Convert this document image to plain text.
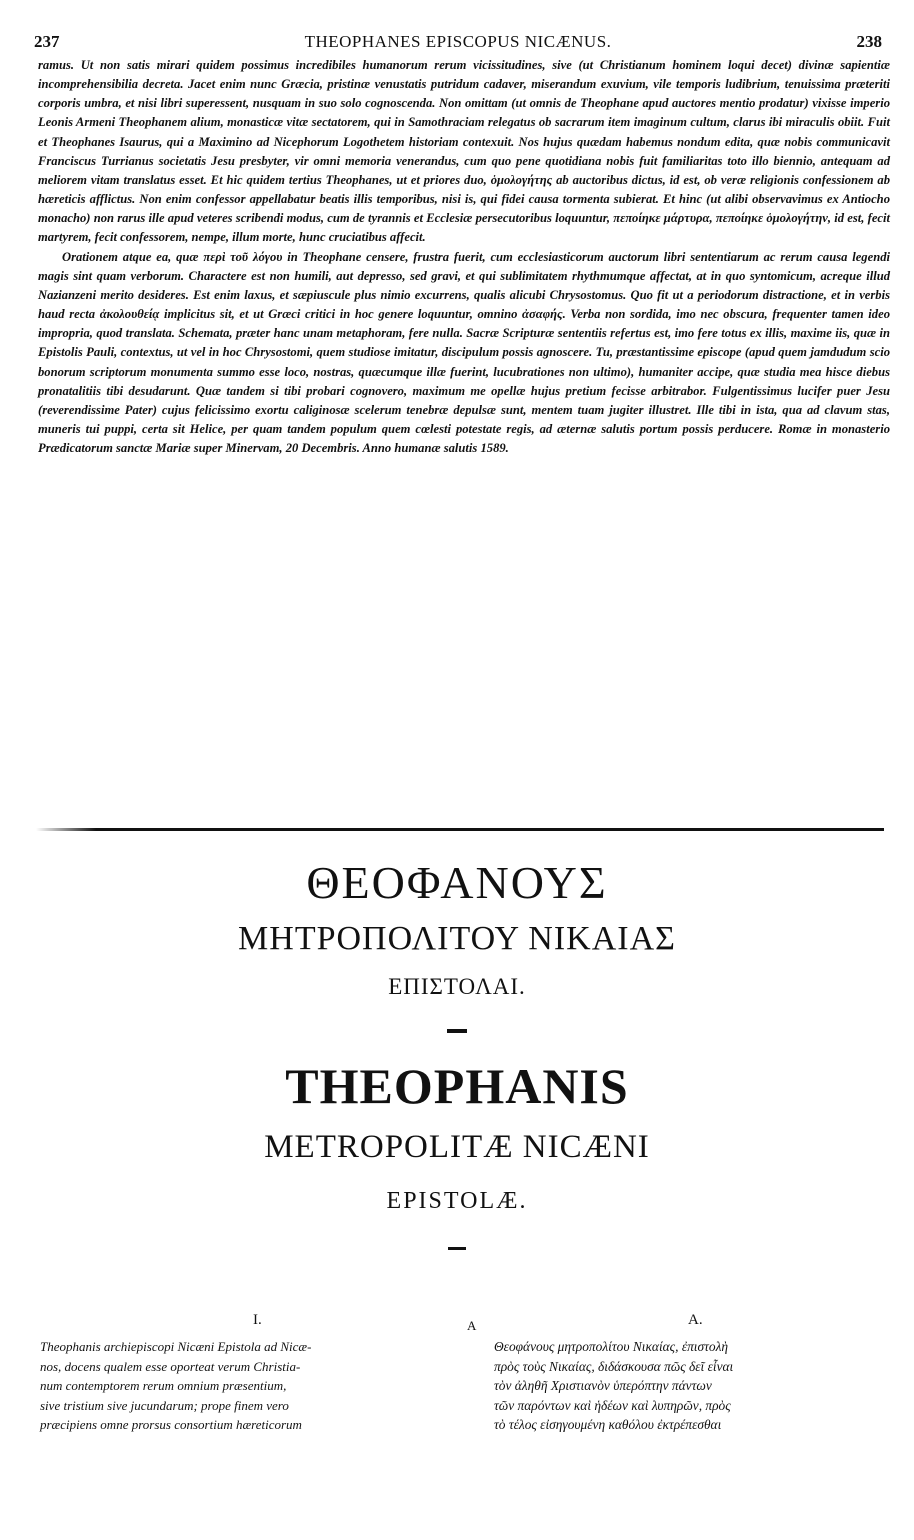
237	THEOPHANES EPISCOPUS NICÆNUS.	238

ramus. Ut non satis mirari quidem possimus incredibiles humanorum rerum vicissitudines, sive (ut Christianum hominem loqui decet) divinæ sapientiæ incomprehensibilia decreta. Jacet enim nunc Græcia, pristinæ venustatis putridum cadaver, miserandum exuvium, vile temporis ludibrium, tenuissima præteriti corporis umbra, et nisi libri superessent, nusquam in suo solo cognoscenda. Non omittam (ut omnis de Theophane apud auctores mentio prodatur) vixisse imperio Leonis Armeni Theophanem alium, monasticæ vitæ sectatorem, qui in Samothraciam relegatus ob sacrarum item imaginum cultum, clarus ibi miraculis obiit. Fuit et Theophanes Isaurus, qui a Maximino ad Nicephorum Logothetem historiam contexuit. Nos hujus quædam habemus nondum edita, quæ nobis communicavit Franciscus Turrianus societatis Jesu presbyter, vir omni memoria venerandus, cum quo pene quotidiana nobis fuit familiaritas toto illo biennio, antequam ad meliorem vitam translatus esset. Et hic quidem tertius Theophanes, ut et priores duo, ὁμολογήτης ab auctoribus dictus, id est, ob veræ religionis confessionem ab hæreticis afflictus. Non enim confessor appellabatur beatis illis temporibus, nisi is, qui fidei causa tormenta subierat. Et hinc (ut alibi observavimus ex Antiocho monacho) non rarus ille apud veteres scribendi modus, cum de tyrannis et Ecclesiæ persecutoribus loquuntur, πεποίηκε μάρτυρα, πεποίηκε ὁμολογήτην, id est, fecit martyrem, fecit confessorem, nempe, illum morte, hunc cruciatibus affecit.

Orationem atque ea, quæ περὶ τοῦ λόγου in Theophane censere, frustra fuerit, cum ecclesiasticorum auctorum libri sententiarum ac rerum causa legendi magis sint quam verborum. Charactere est non humili, aut depresso, sed gravi, et qui sublimitatem rhythmumque affectat, at in quo syntomicum, acreque illud Nazianzeni merito desideres. Est enim laxus, et sæpiuscule plus nimio excurrens, qualis alicubi Chrysostomus. Quo fit ut a periodorum distractione, et in verbis haud recta ἀκολουθείᾳ implicitus sit, et ut Græci critici in hoc genere loquuntur, omnino ἀσαφής. Verba non sordida, imo nec obscura, frequenter tamen ideo impropria, quod translata. Schemata, præter hanc unam metaphoram, fere nulla. Sacræ Scripturæ sententiis refertus est, imo fere totus ex illis, maxime iis, quæ in Epistolis Pauli, contextus, ut vel in hoc Chrysostomi, quem studiose imitatur, discipulum possis agnoscere. Tu, præstantissime episcope (apud quem jamdudum scio bonorum scriptorum monumenta summo esse loco, nostras, quæcumque illæ fuerint, lucubrationes non ultimo), humaniter accipe, quæ studia mea hisce diebus pronatalitiis tibi desudarunt. Quæ tandem si tibi probari cognovero, maximum me opellæ hujus pretium fecisse arbitrabor. Fulgentissimus lucifer puer Jesu (reverendissime Pater) cujus felicissimo exortu caliginosæ scelerum tenebræ depulsæ sunt, mentem tuam jugiter illustret. Ille tibi in ista, qua ad clavum stas, muneris tui puppi, certa sit Helice, per quam tandem populum quem cœlesti potestate regis, ad æternæ salutis portum possis perducere. Romæ in monasterio Prædicatorum sanctæ Mariæ super Minervam, 20 Decembris. Anno humanæ salutis 1589.

ΘΕΟΦΑΝΟΥΣ
ΜΗΤΡΟΠΟΛΙΤΟΥ ΝΙΚΑΙΑΣ
ΕΠΙΣΤΟΛΑΙ.
THEOPHANIS
METROPOLITÆ NICÆNI
EPISTOLÆ.
I.	A	Α.
Theophanis archiepiscopi Nicæni Epistola ad Nicæ-
nos, docens qualem esse oporteat verum Christia-
num contemptorem rerum omnium præsentium,
sive tristium sive jucundarum; prope finem vero
præcipiens omne prorsus consortium hæreticorum
Θεοφάνους μητροπολίτου Νικαίας, ἐπιστολὴ
πρὸς τοὺς Νικαίας, διδάσκουσα πῶς δεῖ εἶναι
τὸν ἀληθῆ Χριστιανὸν ὑπερόπτην πάντων
τῶν παρόντων καὶ ἡδέων καὶ λυπηρῶν, πρὸς
τὸ τέλος εἰσηγουμένη καθόλου ἐκτρέπεσθαι
